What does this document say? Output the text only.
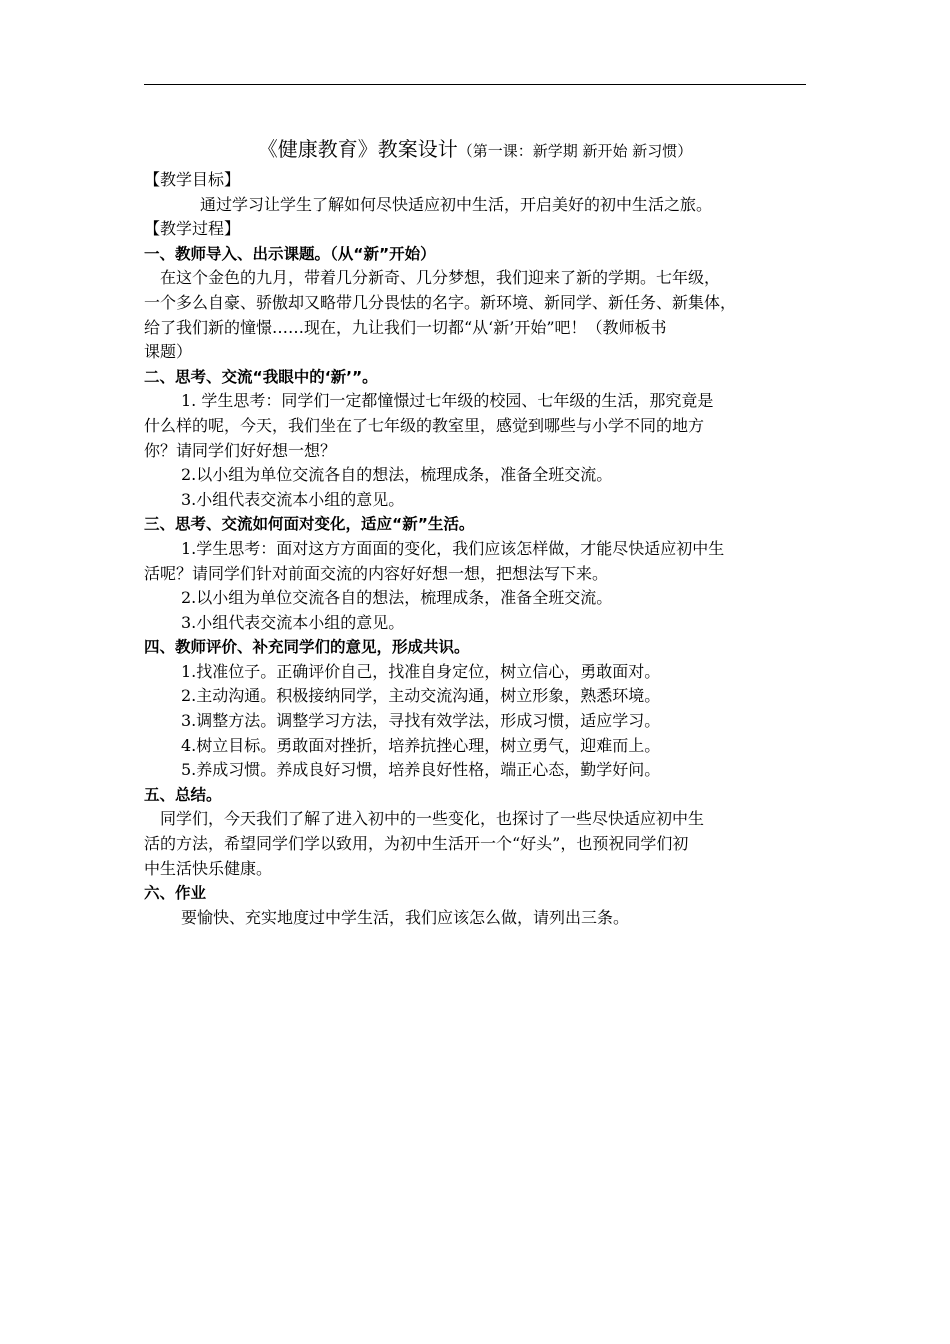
《健康教育》教案设计（第一课：新学期 新开始 新习惯）
【教学目标】
通过学习让学生了解如何尽快适应初中生活，开启美好的初中生活之旅。
【教学过程】
一、教师导入、出示课题。（从“新”开始）
在这个金色的九月，带着几分新奇、几分梦想，我们迎来了新的学期。七年级，
一个多么自豪、骄傲却又略带几分畏怯的名字。新环境、新同学、新任务、新集体，
给了我们新的憧憬……现在，九让我们一切都“从‘新’开始”吧！（教师板书
课题）
二、思考、交流“我眼中的‘新’”。
1. 学生思考：同学们一定都憧憬过七年级的校园、七年级的生活，那究竟是
什么样的呢，今天，我们坐在了七年级的教室里，感觉到哪些与小学不同的地方
你？请同学们好好想一想？
2.以小组为单位交流各自的想法，梳理成条，准备全班交流。
3.小组代表交流本小组的意见。
三、思考、交流如何面对变化，适应“新”生活。
1.学生思考：面对这方方面面的变化，我们应该怎样做，才能尽快适应初中生
活呢？请同学们针对前面交流的内容好好想一想，把想法写下来。
2.以小组为单位交流各自的想法，梳理成条，准备全班交流。
3.小组代表交流本小组的意见。
四、教师评价、补充同学们的意见，形成共识。
1.找准位子。正确评价自己，找准自身定位，树立信心，勇敢面对。
2.主动沟通。积极接纳同学，主动交流沟通，树立形象，熟悉环境。
3.调整方法。调整学习方法，寻找有效学法，形成习惯，适应学习。
4.树立目标。勇敢面对挫折，培养抗挫心理，树立勇气，迎难而上。
5.养成习惯。养成良好习惯，培养良好性格，端正心态，勤学好问。
五、总结。
同学们，今天我们了解了进入初中的一些变化，也探讨了一些尽快适应初中生
活的方法，希望同学们学以致用，为初中生活开一个“好头”，也预祝同学们初
中生活快乐健康。
六、作业
要愉快、充实地度过中学生活，我们应该怎么做，请列出三条。
